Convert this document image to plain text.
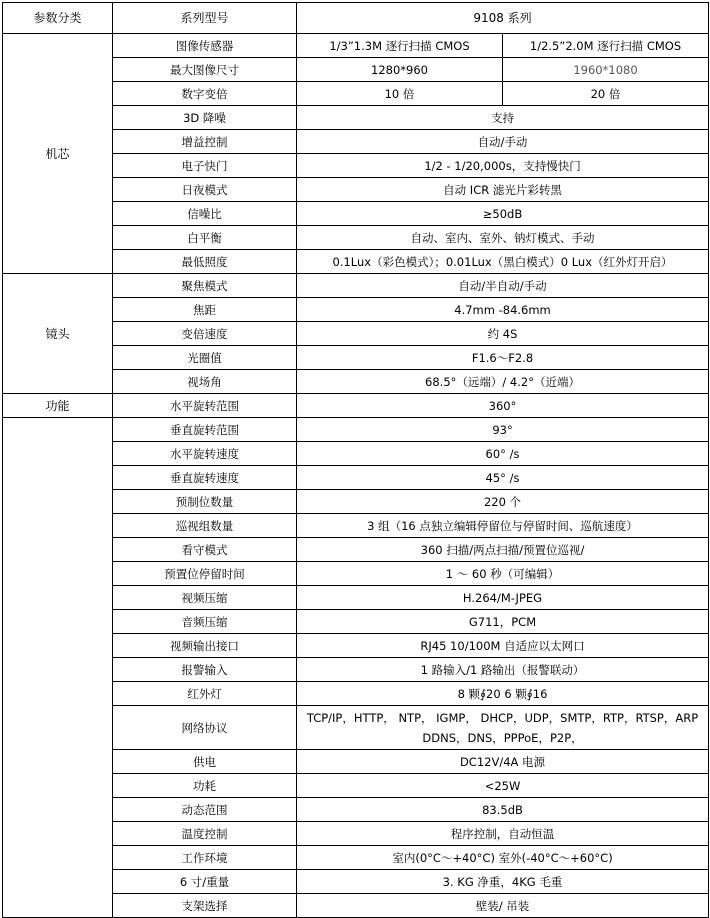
参数分类	系列型号	9108 系列	
机芯	图像传感器	1/3”1.3M 逐行扫描 CMOS	1/2.5”2.0M 逐行扫描 CMOS
	最大图像尺寸	1280*960	1960*1080
	数字变倍	10 倍	20 倍
	3D 降噪	支持	
	增益控制	自动/手动	
	电子快门	1/2 - 1/20,000s，支持慢快门	
	日夜模式	自动 ICR 滤光片彩转黑	
	信噪比	≥50dB	
	白平衡	自动、室内、室外、钠灯模式、手动	
	最低照度	0.1Lux（彩色模式）；0.01Lux（黑白模式）0 Lux（红外灯开启）	
镜头	聚焦模式	自动/半自动/手动	
	焦距	4.7mm -84.6mm	
	变倍速度	约 4S	
	光圈值	F1.6～F2.8	
	视场角	68.5°（远端）/ 4.2°（近端）	
功能	水平旋转范围	360°	
	垂直旋转范围	93°	
	水平旋转速度	60° /s	
	垂直旋转速度	45° /s	
	预制位数量	220 个	
	巡视组数量	3 组（16 点独立编辑停留位与停留时间、巡航速度）	
	看守模式	360 扫描/两点扫描/预置位巡视/	
	预置位停留时间	1 ～ 60 秒（可编辑）	
	视频压缩	H.264/M-JPEG	
	音频压缩	G711，PCM	
	视频输出接口	RJ45 10/100M 自适应以太网口	
	报警输入	1 路输入/1 路输出（报警联动）	
	红外灯	8 颗∮20 6 颗∮16	
	网络协议	TCP/IP，HTTP， NTP， IGMP， DHCP，UDP，SMTP，RTP，RTSP，ARP DDNS，DNS，PPPoE，P2P，	
	供电	DC12V/4A 电源	
	功耗	<25W	
	动态范围	83.5dB	
	温度控制	程序控制，自动恒温	
	工作环境	室内(0°C～+40°C) 室外(-40°C～+60°C)	
	6 寸/重量	3. KG 净重，4KG 毛重	
	支架选择	壁装/ 吊装	
